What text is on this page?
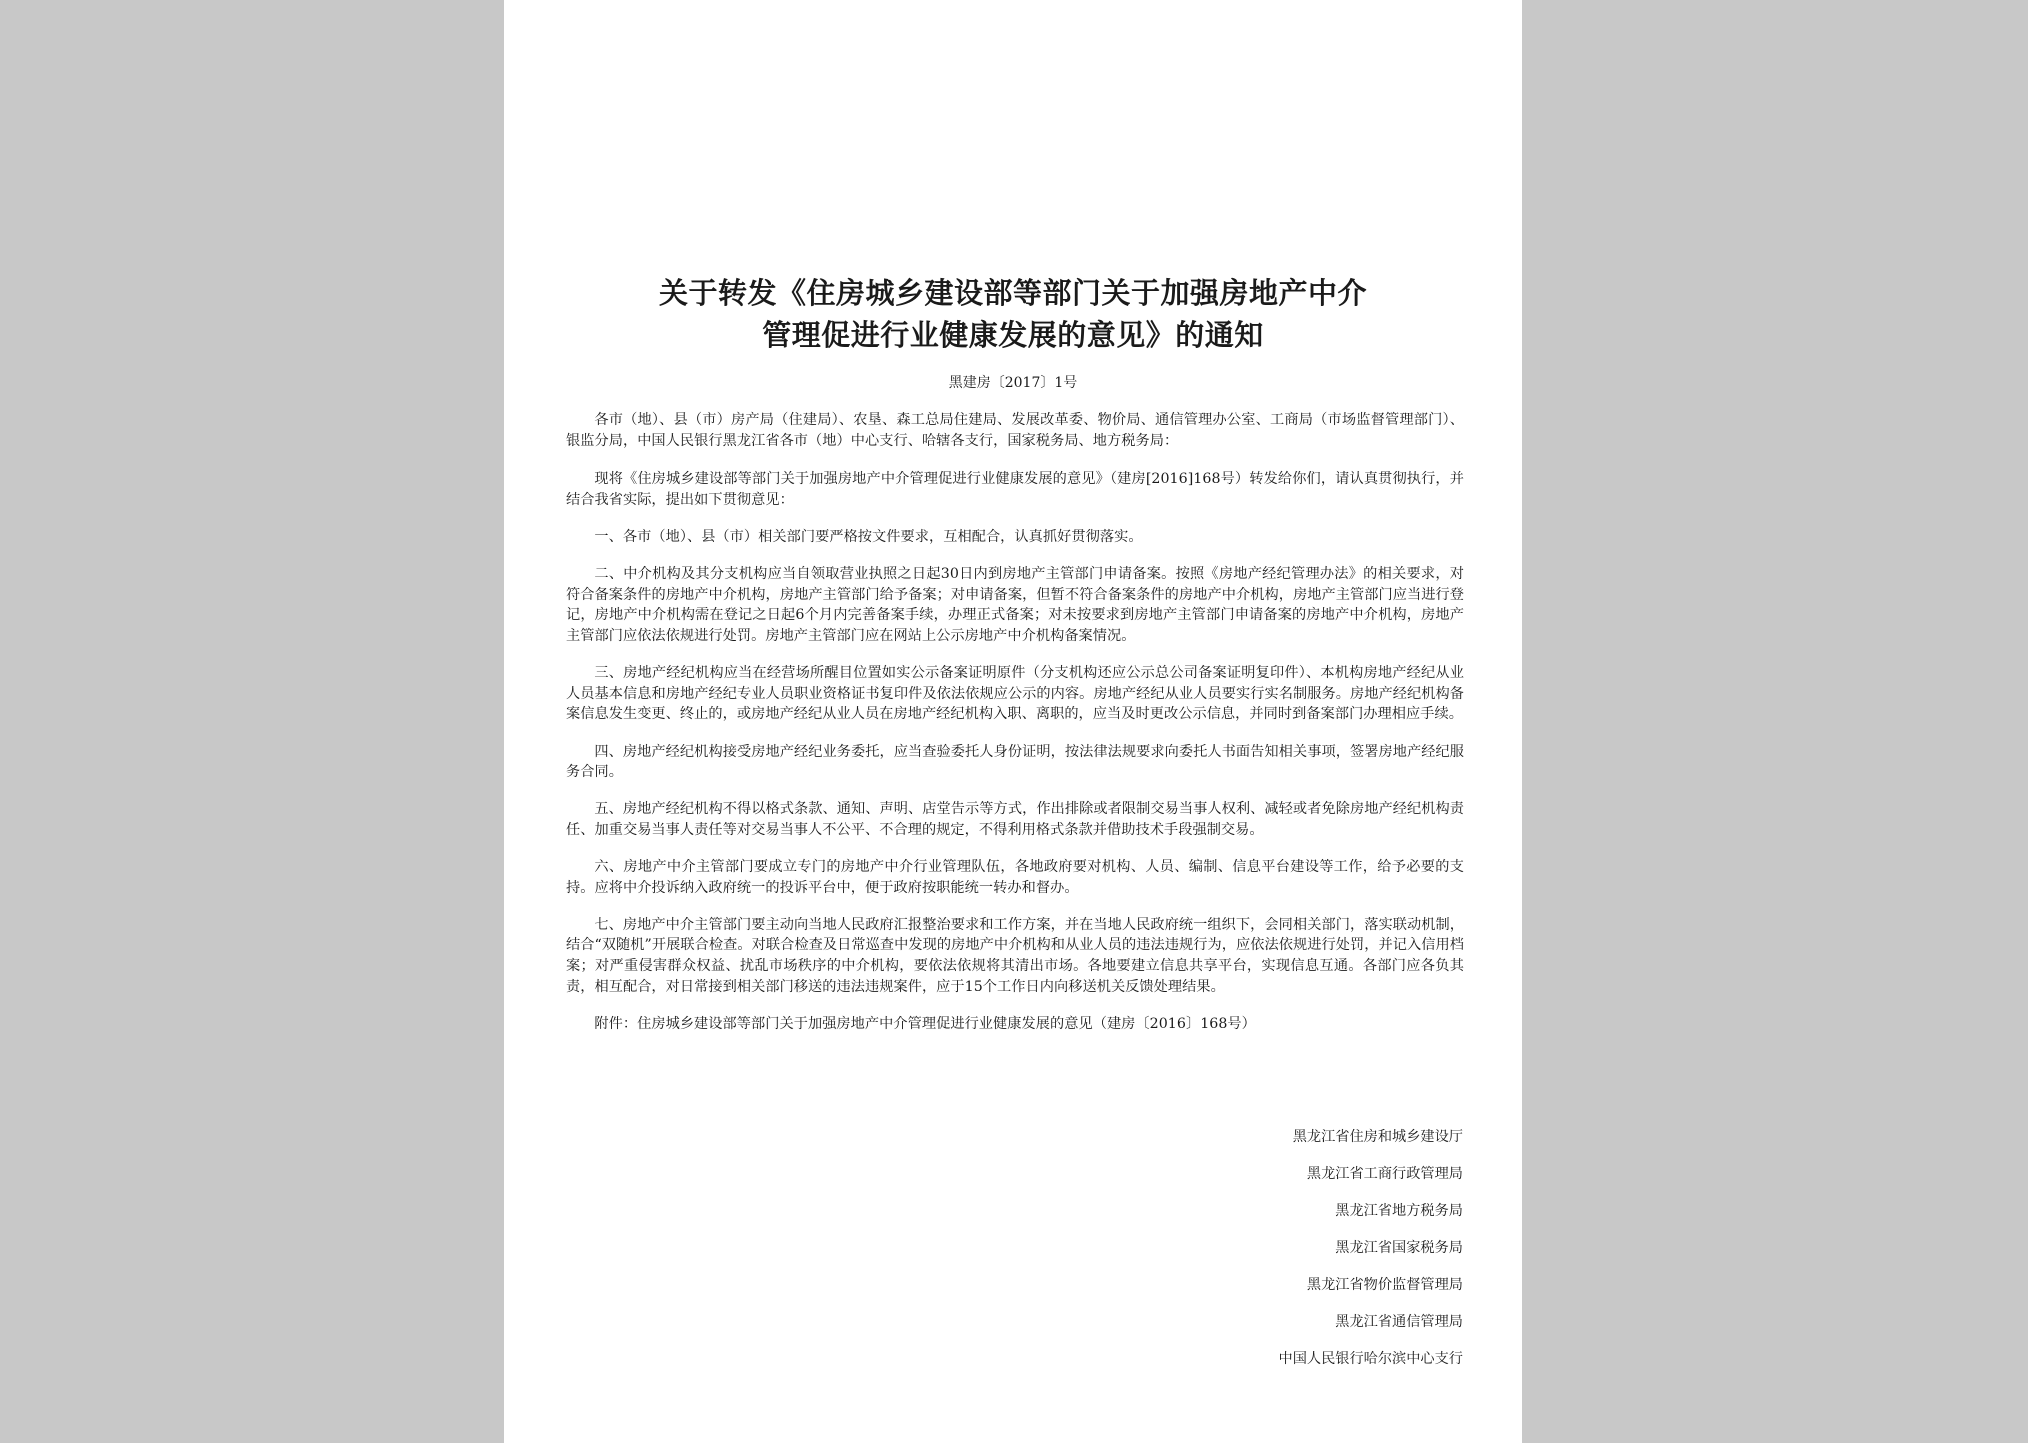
关于转发《住房城乡建设部等部门关于加强房地产中介
管理促进行业健康发展的意见》的通知
黑建房〔2017〕1号

各市（地）、县（市）房产局（住建局）、农垦、森工总局住建局、发展改革委、物价局、通信管理办公室、工商局（市场监督管理部门）、银监分局，中国人民银行黑龙江省各市（地）中心支行、哈辖各支行，国家税务局、地方税务局：

现将《住房城乡建设部等部门关于加强房地产中介管理促进行业健康发展的意见》（建房[2016]168号）转发给你们，请认真贯彻执行，并结合我省实际，提出如下贯彻意见：

一、各市（地）、县（市）相关部门要严格按文件要求，互相配合，认真抓好贯彻落实。

二、中介机构及其分支机构应当自领取营业执照之日起30日内到房地产主管部门申请备案。按照《房地产经纪管理办法》的相关要求，对符合备案条件的房地产中介机构，房地产主管部门给予备案；对申请备案，但暂不符合备案条件的房地产中介机构，房地产主管部门应当进行登记，房地产中介机构需在登记之日起6个月内完善备案手续，办理正式备案；对未按要求到房地产主管部门申请备案的房地产中介机构，房地产主管部门应依法依规进行处罚。房地产主管部门应在网站上公示房地产中介机构备案情况。

三、房地产经纪机构应当在经营场所醒目位置如实公示备案证明原件（分支机构还应公示总公司备案证明复印件）、本机构房地产经纪从业人员基本信息和房地产经纪专业人员职业资格证书复印件及依法依规应公示的内容。房地产经纪从业人员要实行实名制服务。房地产经纪机构备案信息发生变更、终止的，或房地产经纪从业人员在房地产经纪机构入职、离职的，应当及时更改公示信息，并同时到备案部门办理相应手续。

四、房地产经纪机构接受房地产经纪业务委托，应当查验委托人身份证明，按法律法规要求向委托人书面告知相关事项，签署房地产经纪服务合同。

五、房地产经纪机构不得以格式条款、通知、声明、店堂告示等方式，作出排除或者限制交易当事人权利、减轻或者免除房地产经纪机构责任、加重交易当事人责任等对交易当事人不公平、不合理的规定，不得利用格式条款并借助技术手段强制交易。

六、房地产中介主管部门要成立专门的房地产中介行业管理队伍，各地政府要对机构、人员、编制、信息平台建设等工作，给予必要的支持。应将中介投诉纳入政府统一的投诉平台中，便于政府按职能统一转办和督办。

七、房地产中介主管部门要主动向当地人民政府汇报整治要求和工作方案，并在当地人民政府统一组织下，会同相关部门，落实联动机制，结合“双随机”开展联合检查。对联合检查及日常巡查中发现的房地产中介机构和从业人员的违法违规行为，应依法依规进行处罚，并记入信用档案；对严重侵害群众权益、扰乱市场秩序的中介机构，要依法依规将其清出市场。各地要建立信息共享平台，实现信息互通。各部门应各负其责，相互配合，对日常接到相关部门移送的违法违规案件，应于15个工作日内向移送机关反馈处理结果。

附件：住房城乡建设部等部门关于加强房地产中介管理促进行业健康发展的意见（建房〔2016〕168号）

黑龙江省住房和城乡建设厅
黑龙江省工商行政管理局
黑龙江省地方税务局
黑龙江省国家税务局
黑龙江省物价监督管理局
黑龙江省通信管理局
中国人民银行哈尔滨中心支行
